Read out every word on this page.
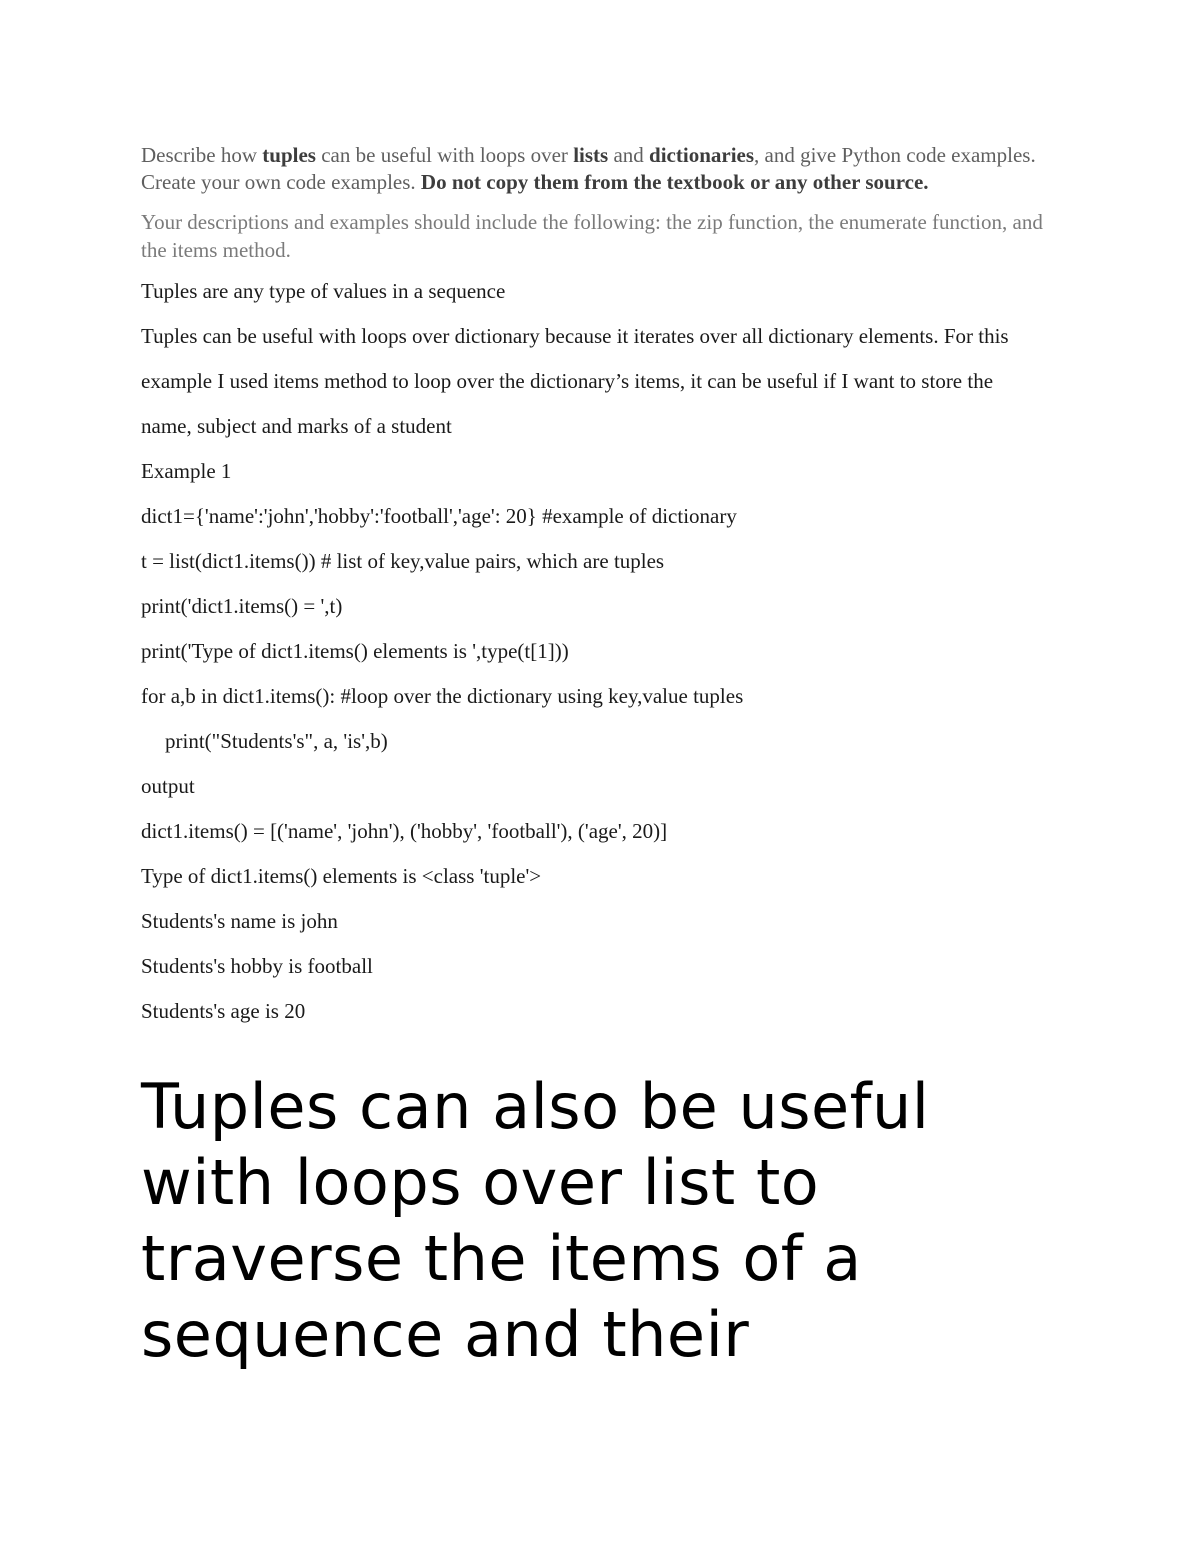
Describe how tuples can be useful with loops over lists and dictionaries, and give Python code examples. Create your own code examples. Do not copy them from the textbook or any other source.

Your descriptions and examples should include the following: the zip function, the enumerate function, and the items method.

Tuples are any type of values in a sequence

Tuples can be useful with loops over dictionary because it iterates over all dictionary elements. For this

example I used items method to loop over the dictionary’s items, it can be useful if I want to store the

name, subject and marks of a student

Example 1

dict1={'name':'john','hobby':'football','age': 20} #example of dictionary

t = list(dict1.items()) # list of key,value pairs, which are tuples

print('dict1.items() = ',t)

print('Type of dict1.items() elements is ',type(t[1]))

for a,b in dict1.items(): #loop over the dictionary using key,value tuples

print("Students's", a, 'is',b)

output

dict1.items() = [('name', 'john'), ('hobby', 'football'), ('age', 20)]

Type of dict1.items() elements is <class 'tuple'>

Students's name is john

Students's hobby is football

Students's age is 20

Tuples can also be useful with loops over list to traverse the items of a sequence and their
